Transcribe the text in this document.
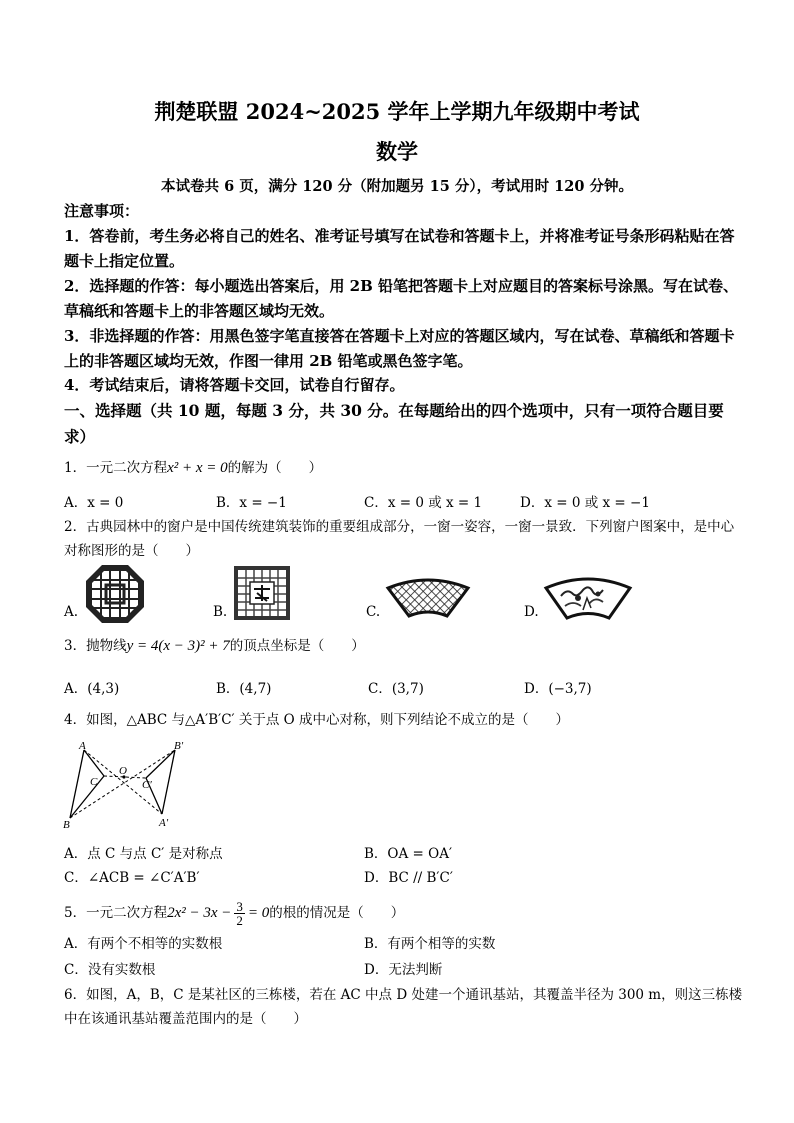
荆楚联盟 2024~2025 学年上学期九年级期中考试
数学
本试卷共 6 页，满分 120 分（附加题另 15 分），考试用时 120 分钟。
注意事项：
1．答卷前，考生务必将自己的姓名、准考证号填写在试卷和答题卡上，并将准考证号条形码粘贴在答题卡上指定位置。
2．选择题的作答：每小题选出答案后，用 2B 铅笔把答题卡上对应题目的答案标号涂黑。写在试卷、草稿纸和答题卡上的非答题区域均无效。
3．非选择题的作答：用黑色签字笔直接答在答题卡上对应的答题区域内，写在试卷、草稿纸和答题卡上的非答题区域均无效，作图一律用 2B 铅笔或黑色签字笔。
4．考试结束后，请将答题卡交回，试卷自行留存。
一、选择题（共 10 题，每题 3 分，共 30 分。在每题给出的四个选项中，只有一项符合题目要求）
1．一元二次方程x² + x = 0的解为（　　）
A．x = 0	B．x = −1	C．x = 0 或 x = 1	D．x = 0 或 x = −1
2．古典园林中的窗户是中国传统建筑装饰的重要组成部分，一窗一姿容，一窗一景致．下列窗户图案中，是中心对称图形的是（　　）
A.	B.	C.	D.
3．抛物线y = 4(x − 3)² + 7的顶点坐标是（　　）
A．(4,3)	B．(4,7)	C．(3,7)	D．(−3,7)
4．如图，△ABC 与△A′B′C′ 关于点 O 成中心对称，则下列结论不成立的是（　　）
A
B
C
O
C′
B′
A′
A．点 C 与点 C′ 是对称点	B．OA = OA′
C．∠ACB = ∠C′A′B′	D．BC // B′C′
5．一元二次方程$2x^2 - 3x - \frac{3}{2} = 0$的根的情况是（　　）
A．有两个不相等的实数根	B．有两个相等的实数
C．没有实数根	D．无法判断
6．如图，A，B，C 是某社区的三栋楼，若在 AC 中点 D 处建一个通讯基站，其覆盖半径为 300 m，则这三栋楼中在该通讯基站覆盖范围内的是（　　）
